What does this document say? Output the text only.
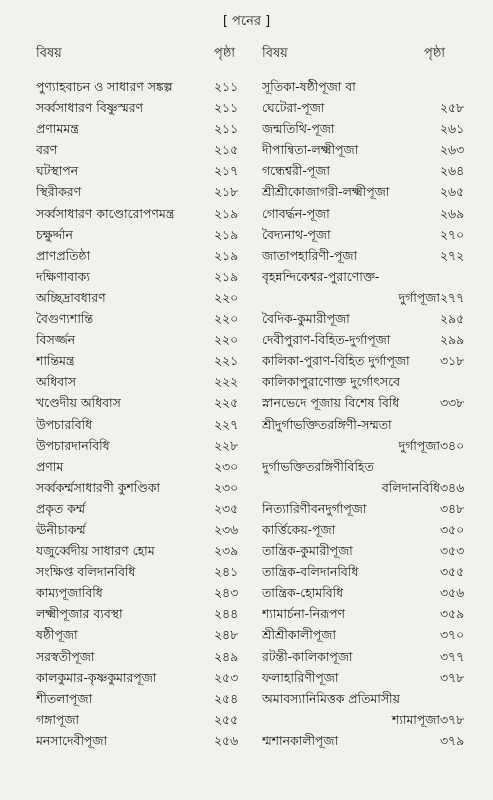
[ পনের ]
বিষয়	পৃষ্ঠা বিষয়	পৃষ্ঠা
পুণ্যাহবাচন ও সাধারণ সঙ্কল্প	২১১	সূতিকা-ষষ্ঠীপূজা বা
সর্ব্বসাধারণ বিষ্ণুস্মরণ	২১১	ঘেটেরা-পূজা	২৫৮
প্রণামমন্ত্র	২১১	জন্মতিথি-পূজা	২৬১
বরণ	২১৫	দীপান্বিতা-লক্ষ্মীপূজা	২৬৩
ঘটস্থাপন	২১৭	গন্ধেশ্বরী-পূজা	২৬৪
স্থিরীকরণ	২১৮	শ্রীশ্রীকোজাগরী-লক্ষ্মীপূজা	২৬৫
সর্ব্বসাধারণ কাণ্ডোরোপণমন্ত্র	২১৯	গোবর্দ্ধন-পূজা	২৬৯
চক্ষুর্দ্দান	২১৯	বৈদ্যনাথ-পূজা	২৭০
প্রাণপ্রতিষ্ঠা	২১৯	জাতাপহারিণী-পূজা	২৭২
দক্ষিণাবাক্য	২১৯	বৃহন্নন্দিকেশ্বর-পুরাণোক্ত-
অচ্ছিদ্রাবধারণ	২২০	দুর্গাপূজা ২৭৭
বৈগুণ্যশান্তি	২২০	বৈদিক-কুমারীপূজা	২৯৫
বিসর্জ্জন	২২০	দেবীপুরাণ-বিহিত-দুর্গাপূজা	২৯৯
শান্তিমন্ত্র	২২১	কালিকা-পুরাণ-বিহিত দুর্গাপূজা	৩১৮
অধিবাস	২২২	কালিকাপুরাণোক্ত দুর্গোৎসবে
খণ্ডেদীয় অধিবাস	২২৫	স্নানভেদে পূজায় বিশেষ বিধি	৩৩৮
উপচারবিধি	২২৭	শ্রীদুর্গাভক্তিতরঙ্গিণী-সম্মতা
উপচারদানবিধি	২২৮	দুর্গাপূজা ৩৪০
প্রণাম	২৩০	দুর্গাভক্তিতরঙ্গিণীবিহিত
সর্ব্বকর্ম্মসাধারণী কুশণ্ডিকা	২৩০	বলিদানবিধি ৩৪৬
প্রকৃত কর্ম্ম	২৩৫	নিত্যারিণীবনদুর্গাপূজা	৩৪৮
ঊনীচাকর্ম্ম	২৩৬	কার্ত্তিকেয়-পূজা	৩৫০
যজুর্ব্বেদীয় সাধারণ হোম	২৩৯	তান্ত্রিক-কুমারীপূজা	৩৫৩
সংক্ষিপ্ত বলিদানবিধি	২৪১	তান্ত্রিক-বলিদানবিধি	৩৫৫
কাম্যপূজাবিধি	২৪৩	তান্ত্রিক-হোমবিধি	৩৫৬
লক্ষ্মীপূজার ব্যবস্থা	২৪৪	শ্যামার্চনা-নিরূপণ	৩৫৯
ষষ্ঠীপূজা	২৪৮	শ্রীশ্রীকালীপূজা	৩৭০
সরস্বতীপূজা	২৪৯	রটন্তী-কালিকাপূজা	৩৭৭
কালকুমার-কৃষ্ণকুমারপূজা	২৫৩	ফলাহারিণীপূজা	৩৭৮
শীতলাপূজা	২৫৪	অমাবস্যানিমিত্তক প্রতিমাসীয়
গঙ্গাপূজা	২৫৫	শ্যামাপূজা ৩৭৮
মনসাদেবীপূজা	২৫৬	শ্মশানকালীপূজা	৩৭৯
